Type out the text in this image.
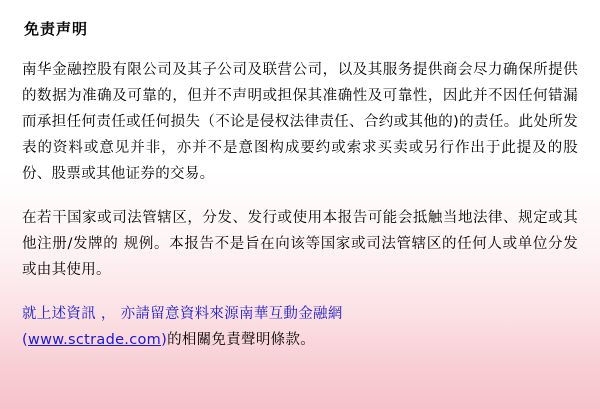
免责声明

南华金融控股有限公司及其子公司及联营公司，以及其服务提供商会尽力确保所提供的数据为准确及可靠的，但并不声明或担保其准确性及可靠性，因此并不因任何错漏而承担任何责任或任何损失（不论是侵权法律责任、合约或其他的)的责任。此处所发表的资料或意见并非，亦并不是意图构成要约或索求买卖或另行作出于此提及的股份、股票或其他证券的交易。

在若干国家或司法管辖区，分发、发行或使用本报告可能会抵触当地法律、规定或其他注册/发牌的 规例。本报告不是旨在向该等国家或司法管辖区的任何人或单位分发或由其使用。

就上述資訊 ， 亦請留意資料來源南華互動金融網
(www.sctrade.com)的相關免責聲明條款。
